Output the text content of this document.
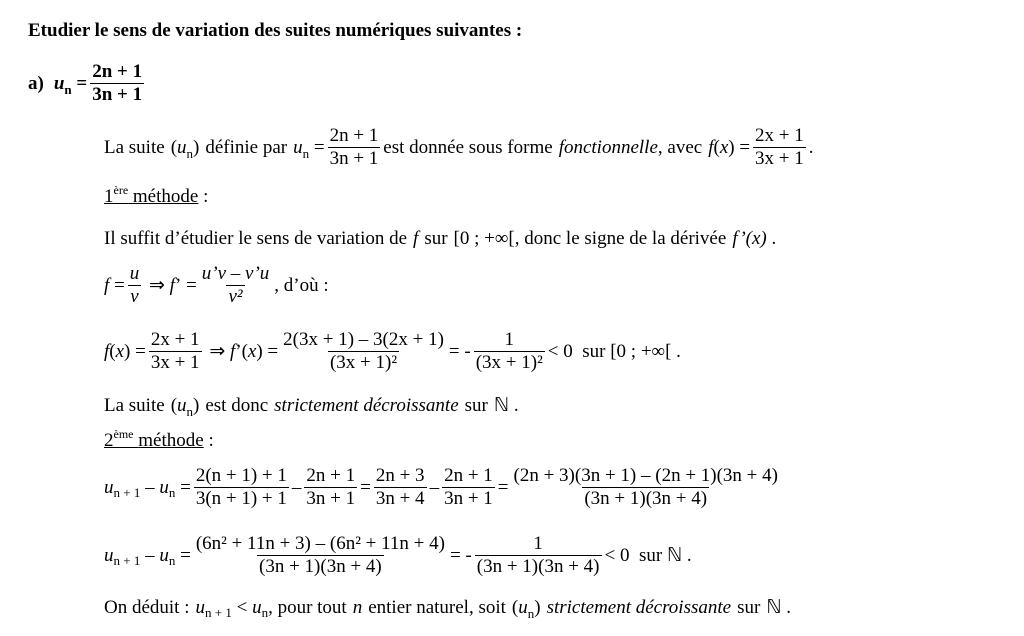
Etudier le sens de variation des suites numériques suivantes :
a) $u_n = \frac{2n + 1}{3n + 1}$
La suite ( $u_n$ ) définie par $u_n = \frac{2n + 1}{3n + 1}$ est donnée sous forme fonctionnelle , avec f ( x ) = $\frac{2x + 1}{3x + 1}$ .
1ère méthode :
Il suffit d’étudier le sens de variation de f sur [0 ; +∞[ , donc le signe de la dérivée f’(x) .
$f = \frac{u}{v}$ ⇒ f ’ = $\frac{u’v - v’u}{\text{v²}}$ , d’où :
f ( x ) = $\frac{2x + 1}{3x + 1}$ ⇒ f ’( x ) = $\frac{2(3x + 1) - 3(2x + 1)}{\text{(3x + 1)²}}$ = - $\frac{1}{\text{(3x + 1)²}} < 0$  sur
[0 ; +∞[ .
La suite ( $u_n$ ) est donc strictement décroissante sur ℕ .
2ème méthode :
u n + 1 – u $n = \frac{2(n + 1) + 1}{3(n + 1) + 1} - \frac{2n + 1}{3n + 1} = \frac{2n + 3}{3n + 4} - \frac{2n + 1}{3n + 1} = \frac{(2n + 3)(3n + 1) - (2n + 1)(3n + 4)}{(3n + 1)(3n + 4)}$
u n + 1 – u $n = \frac{\text{(6n² + 11n + 3) – (6n² + 11n + 4)}}{(3n + 1)(3n + 4)}$ = - $\frac{1}{(3n + 1)(3n + 4)} < 0$  sur
ℕ .
On déduit : u n + 1 < u n , pour tout n entier naturel, soit ( $u_n$ ) strictement décroissante sur ℕ .
